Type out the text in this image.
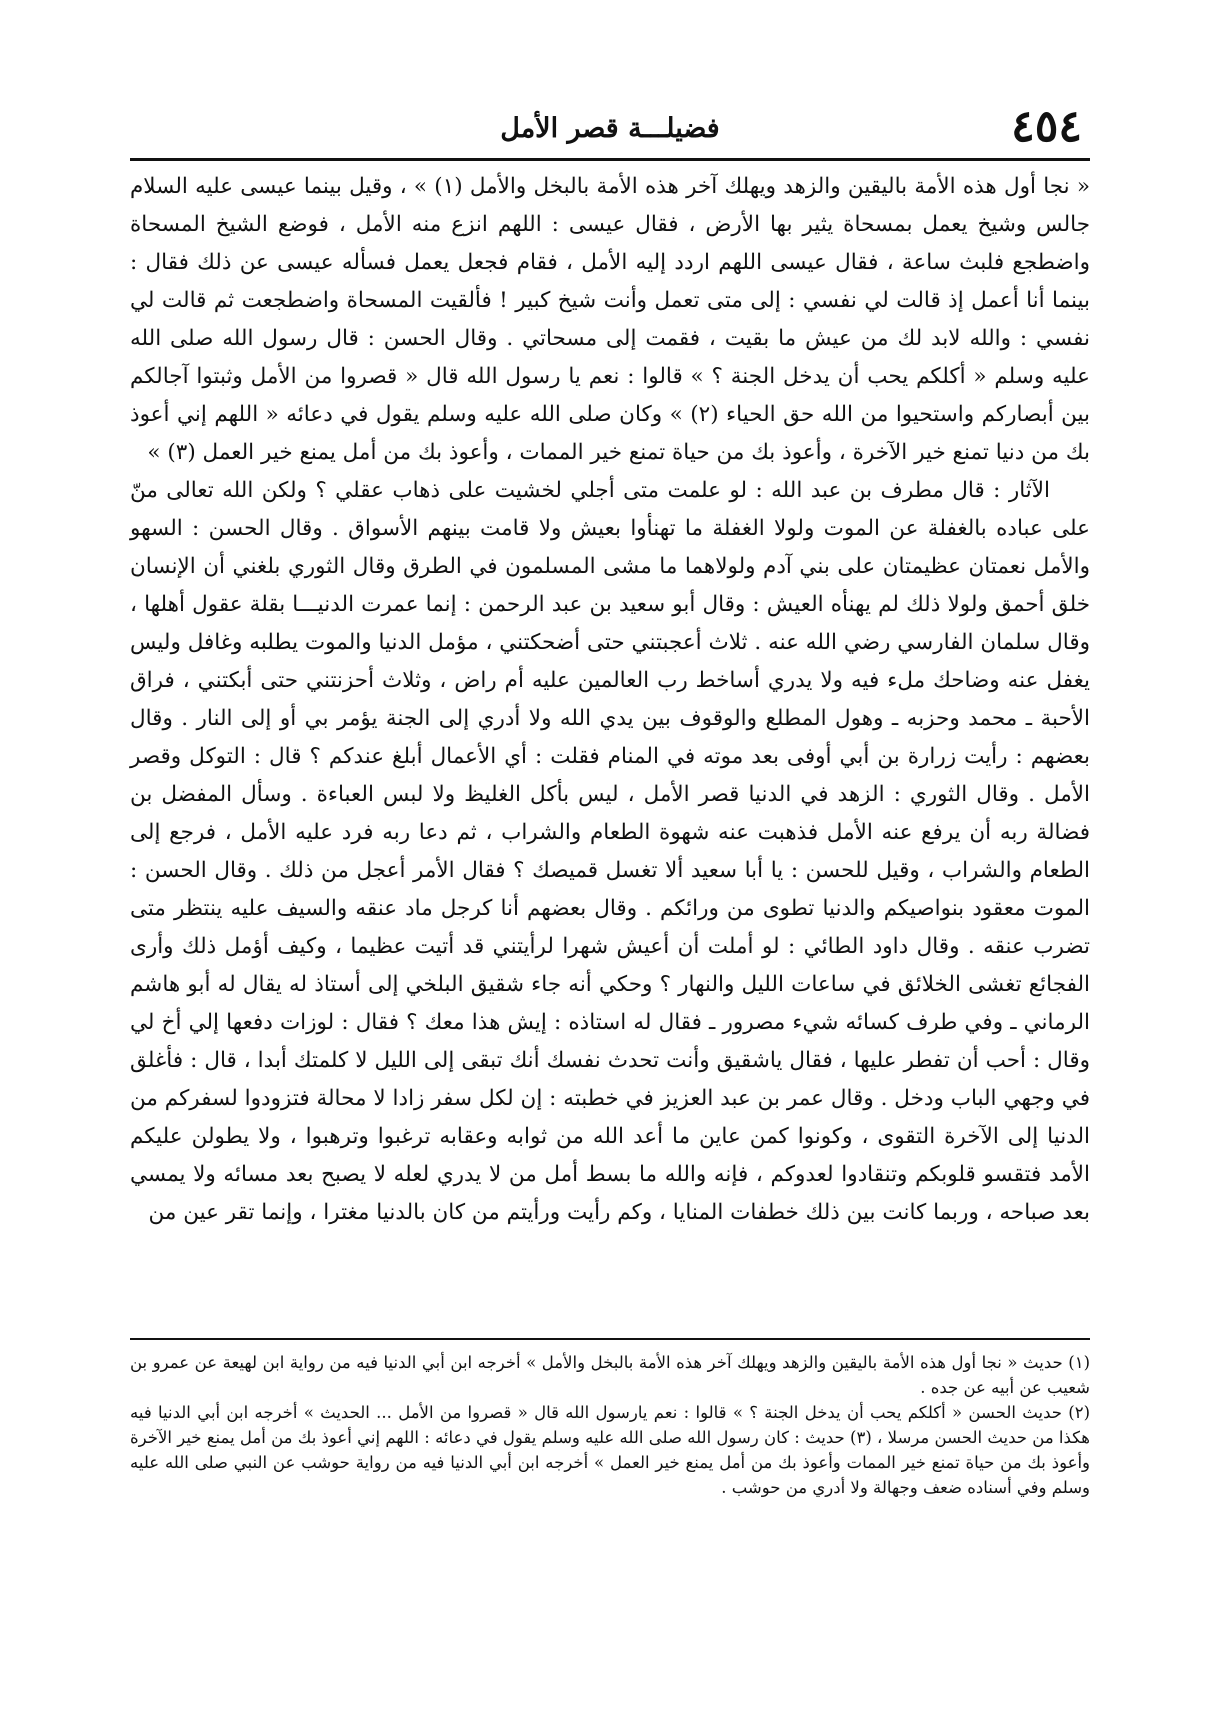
٤٥٤
فضيلـــة قصر الأمل

« نجا أول هذه الأمة باليقين والزهد ويهلك آخر هذه الأمة بالبخل والأمل (١) » ، وقيل بينما عيسى عليه السلام جالس وشيخ يعمل بمسحاة يثير بها الأرض ، فقال عيسى : اللهم انزع منه الأمل ، فوضع الشيخ المسحاة واضطجع فلبث ساعة ، فقال عيسى اللهم اردد إليه الأمل ، فقام فجعل يعمل فسأله عيسى عن ذلك فقال : بينما أنا أعمل إذ قالت لي نفسي : إلى متى تعمل وأنت شيخ كبير ! فألقيت المسحاة واضطجعت ثم قالت لي نفسي : والله لابد لك من عيش ما بقيت ، فقمت إلى مسحاتي . وقال الحسن : قال رسول الله صلى الله عليه وسلم « أكلكم يحب أن يدخل الجنة ؟ » قالوا : نعم يا رسول الله قال « قصروا من الأمل وثبتوا آجالكم بين أبصاركم واستحيوا من الله حق الحياء (٢) » وكان صلى الله عليه وسلم يقول في دعائه « اللهم إني أعوذ بك من دنيا تمنع خير الآخرة ، وأعوذ بك من حياة تمنع خير الممات ، وأعوذ بك من أمل يمنع خير العمل (٣) »

الآثار : قال مطرف بن عبد الله : لو علمت متى أجلي لخشيت على ذهاب عقلي ؟ ولكن الله تعالى منّ على عباده بالغفلة عن الموت ولولا الغفلة ما تهنأوا بعيش ولا قامت بينهم الأسواق . وقال الحسن : السهو والأمل نعمتان عظيمتان على بني آدم ولولاهما ما مشى المسلمون في الطرق وقال الثوري بلغني أن الإنسان خلق أحمق ولولا ذلك لم يهنأه العيش : وقال أبو سعيد بن عبد الرحمن : إنما عمرت الدنيـــا بقلة عقول أهلها ، وقال سلمان الفارسي رضي الله عنه . ثلاث أعجبتني حتى أضحكتني ، مؤمل الدنيا والموت يطلبه وغافل وليس يغفل عنه وضاحك ملء فيه ولا يدري أساخط رب العالمين عليه أم راض ، وثلاث أحزنتني حتى أبكتني ، فراق الأحبة ـ محمد وحزبه ـ وهول المطلع والوقوف بين يدي الله ولا أدري إلى الجنة يؤمر بي أو إلى النار . وقال بعضهم : رأيت زرارة بن أبي أوفى بعد موته في المنام فقلت : أي الأعمال أبلغ عندكم ؟ قال : التوكل وقصر الأمل . وقال الثوري : الزهد في الدنيا قصر الأمل ، ليس بأكل الغليظ ولا لبس العباءة . وسأل المفضل بن فضالة ربه أن يرفع عنه الأمل فذهبت عنه شهوة الطعام والشراب ، ثم دعا ربه فرد عليه الأمل ، فرجع إلى الطعام والشراب ، وقيل للحسن : يا أبا سعيد ألا تغسل قميصك ؟ فقال الأمر أعجل من ذلك . وقال الحسن : الموت معقود بنواصيكم والدنيا تطوى من ورائكم . وقال بعضهم أنا كرجل ماد عنقه والسيف عليه ينتظر متى تضرب عنقه . وقال داود الطائي : لو أملت أن أعيش شهرا لرأيتني قد أتيت عظيما ، وكيف أؤمل ذلك وأرى الفجائع تغشى الخلائق في ساعات الليل والنهار ؟ وحكي أنه جاء شقيق البلخي إلى أستاذ له يقال له أبو هاشم الرماني ـ وفي طرف كسائه شيء مصرور ـ فقال له استاذه : إيش هذا معك ؟ فقال : لوزات دفعها إلي أخ لي وقال : أحب أن تفطر عليها ، فقال ياشقيق وأنت تحدث نفسك أنك تبقى إلى الليل لا كلمتك أبدا ، قال : فأغلق في وجهي الباب ودخل . وقال عمر بن عبد العزيز في خطبته : إن لكل سفر زادا لا محالة فتزودوا لسفركم من الدنيا إلى الآخرة التقوى ، وكونوا كمن عاين ما أعد الله من ثوابه وعقابه ترغبوا وترهبوا ، ولا يطولن عليكم الأمد فتقسو قلوبكم وتنقادوا لعدوكم ، فإنه والله ما بسط أمل من لا يدري لعله لا يصبح بعد مسائه ولا يمسي بعد صباحه ، وربما كانت بين ذلك خطفات المنايا ، وكم رأيت ورأيتم من كان بالدنيا مغترا ، وإنما تقر عين من

(١) حديث « نجا أول هذه الأمة باليقين والزهد ويهلك آخر هذه الأمة بالبخل والأمل » أخرجه ابن أبي الدنيا فيه من رواية ابن لهيعة عن عمرو بن شعيب عن أبيه عن جده .

(٢) حديث الحسن « أكلكم يحب أن يدخل الجنة ؟ » قالوا : نعم يارسول الله قال « قصروا من الأمل ... الحديث » أخرجه ابن أبي الدنيا فيه هكذا من حديث الحسن مرسلا ، (٣) حديث : كان رسول الله صلى الله عليه وسلم يقول في دعائه : اللهم إني أعوذ بك من أمل يمنع خير الآخرة وأعوذ بك من حياة تمنع خير الممات وأعوذ بك من أمل يمنع خير العمل » أخرجه ابن أبي الدنيا فيه من رواية حوشب عن النبي صلى الله عليه وسلم وفي أسناده ضعف وجهالة ولا أدري من حوشب .
